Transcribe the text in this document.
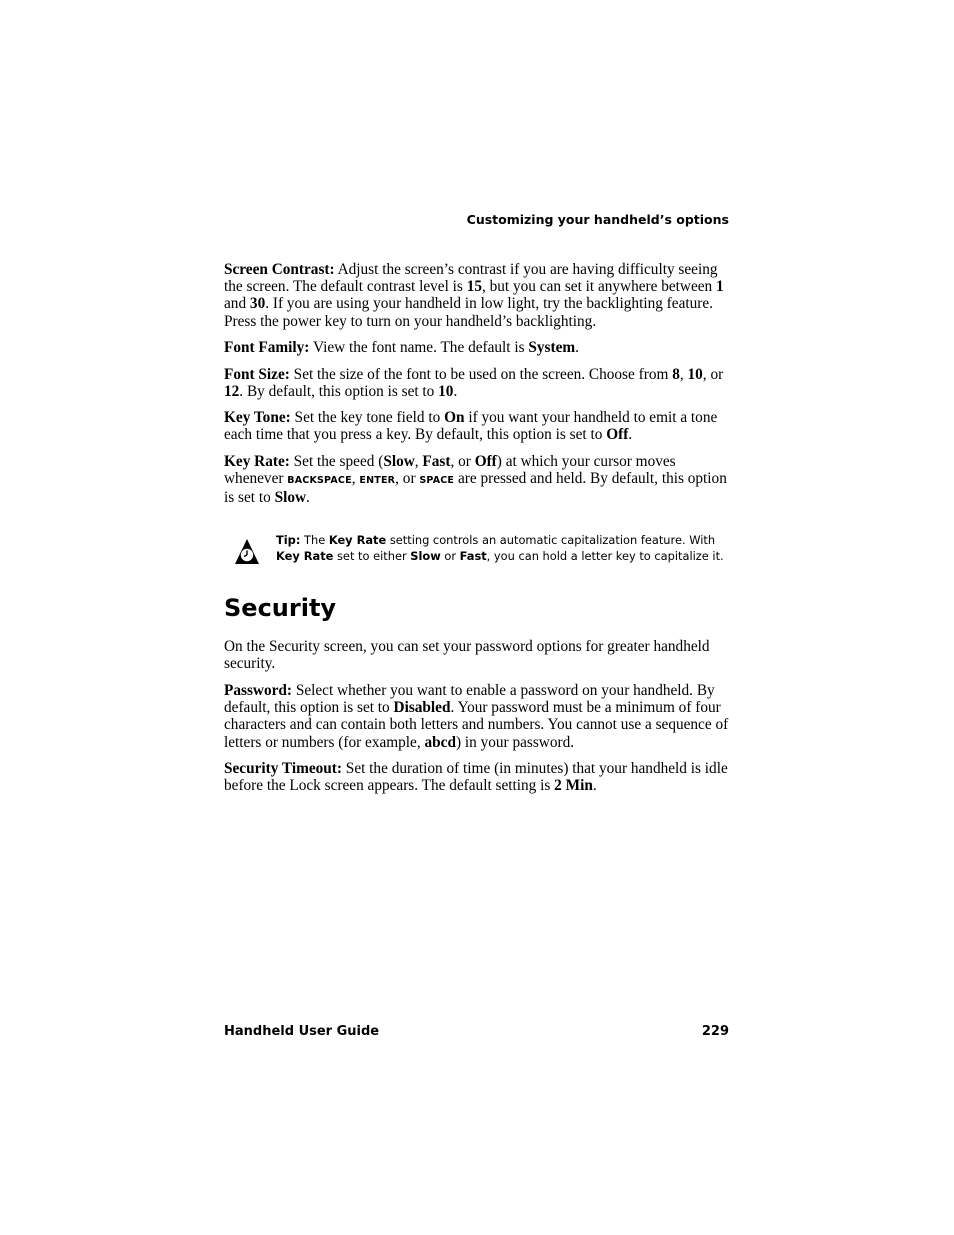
Customizing your handheld’s options

Screen Contrast: Adjust the screen’s contrast if you are having difficulty seeing the screen. The default contrast level is 15, but you can set it anywhere between 1 and 30. If you are using your handheld in low light, try the backlighting feature. Press the power key to turn on your handheld’s backlighting.

Font Family: View the font name. The default is System.

Font Size: Set the size of the font to be used on the screen. Choose from 8, 10, or 12. By default, this option is set to 10.

Key Tone: Set the key tone field to On if you want your handheld to emit a tone each time that you press a key. By default, this option is set to Off.

Key Rate: Set the speed (Slow, Fast, or Off) at which your cursor moves whenever BACKSPACE, ENTER, or SPACE are pressed and held. By default, this option is set to Slow.

Tip: The Key Rate setting controls an automatic capitalization feature. With Key Rate set to either Slow or Fast, you can hold a letter key to capitalize it.

Security

On the Security screen, you can set your password options for greater handheld security.

Password: Select whether you want to enable a password on your handheld. By default, this option is set to Disabled. Your password must be a minimum of four characters and can contain both letters and numbers. You cannot use a sequence of letters or numbers (for example, abcd) in your password.

Security Timeout: Set the duration of time (in minutes) that your handheld is idle before the Lock screen appears. The default setting is 2 Min.

Handheld User Guide	229
